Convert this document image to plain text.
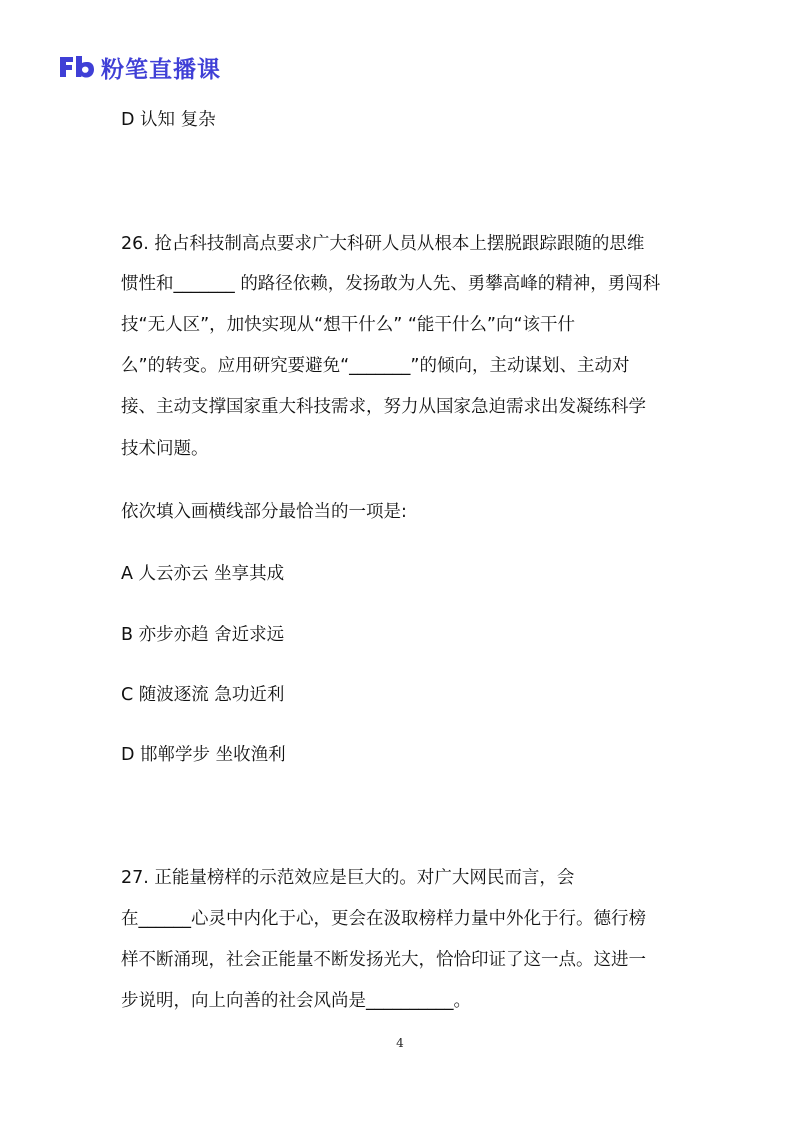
粉笔直播课
D 认知 复杂
26. 抢占科技制高点要求广大科研人员从根本上摆脱跟踪跟随的思维
惯性和_______ 的路径依赖，发扬敢为人先、勇攀高峰的精神，勇闯科
技“无人区”，加快实现从“想干什么” “能干什么”向“该干什
么”的转变。应用研究要避免“_______”的倾向，主动谋划、主动对
接、主动支撑国家重大科技需求，努力从国家急迫需求出发凝练科学
技术问题。
依次填入画横线部分最恰当的一项是:
A 人云亦云 坐享其成
B 亦步亦趋 舍近求远
C 随波逐流 急功近利
D 邯郸学步 坐收渔利
27. 正能量榜样的示范效应是巨大的。对广大网民而言，会
在______心灵中内化于心，更会在汲取榜样力量中外化于行。德行榜
样不断涌现，社会正能量不断发扬光大，恰恰印证了这一点。这进一
步说明，向上向善的社会风尚是__________。
4
